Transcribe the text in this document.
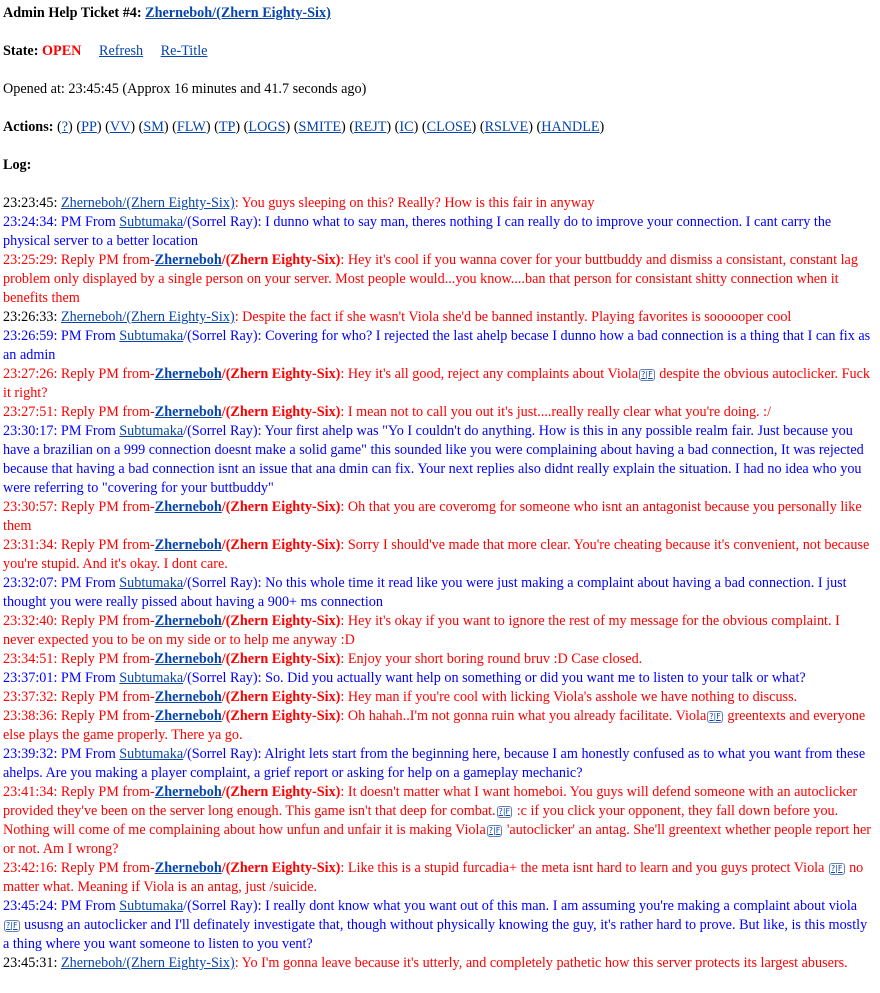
Admin Help Ticket #4: Zherneboh/(Zhern Eighty-Six)
State: OPEN Refresh Re-Title
Opened at: 23:45:45 (Approx 16 minutes and 41.7 seconds ago)
Actions: (?) (PP) (VV) (SM) (FLW) (TP) (LOGS) (SMITE) (REJT) (IC) (CLOSE) (RSLVE) (HANDLE)
Log:
23:23:45: Zherneboh/(Zhern Eighty-Six): You guys sleeping on this? Really? How is this fair in anyway
23:24:34: PM From Subtumaka/(Sorrel Ray): I dunno what to say man, theres nothing I can really do to improve your connection. I cant carry the physical server to a better location
23:25:29: Reply PM from-Zherneboh/(Zhern Eighty-Six): Hey it's cool if you wanna cover for your buttbuddy and dismiss a consistant, constant lag problem only displayed by a single person on your server. Most people would...you know....ban that person for consistant shitty connection when it benefits them
23:26:33: Zherneboh/(Zhern Eighty-Six): Despite the fact if she wasn't Viola she'd be banned instantly. Playing favorites is soooooper cool
23:26:59: PM From Subtumaka/(Sorrel Ray): Covering for who? I rejected the last ahelp becase I dunno how a bad connection is a thing that I can fix as an admin
23:27:26: Reply PM from-Zherneboh/(Zhern Eighty-Six): Hey it's all good, reject any complaints about Viola ?|F despite the obvious autoclicker. Fuck it right?
23:27:51: Reply PM from-Zherneboh/(Zhern Eighty-Six): I mean not to call you out it's just....really really clear what you're doing. :/
23:30:17: PM From Subtumaka/(Sorrel Ray): Your first ahelp was "Yo I couldn't do anything. How is this in any possible realm fair. Just because you have a brazilian on a 999 connection doesnt make a solid game" this sounded like you were complaining about having a bad connection, It was rejected because that having a bad connection isnt an issue that ana dmin can fix. Your next replies also didnt really explain the situation. I had no idea who you were referring to "covering for your buttbuddy"
23:30:57: Reply PM from-Zherneboh/(Zhern Eighty-Six): Oh that you are coveromg for someone who isnt an antagonist because you personally like them
23:31:34: Reply PM from-Zherneboh/(Zhern Eighty-Six): Sorry I should've made that more clear. You're cheating because it's convenient, not because you're stupid. And it's okay. I dont care.
23:32:07: PM From Subtumaka/(Sorrel Ray): No this whole time it read like you were just making a complaint about having a bad connection. I just thought you were really pissed about having a 900+ ms connection
23:32:40: Reply PM from-Zherneboh/(Zhern Eighty-Six): Hey it's okay if you want to ignore the rest of my message for the obvious complaint. I never expected you to be on my side or to help me anyway :D
23:34:51: Reply PM from-Zherneboh/(Zhern Eighty-Six): Enjoy your short boring round bruv :D Case closed.
23:37:01: PM From Subtumaka/(Sorrel Ray): So. Did you actually want help on something or did you want me to listen to your talk or what?
23:37:32: Reply PM from-Zherneboh/(Zhern Eighty-Six): Hey man if you're cool with licking Viola's asshole we have nothing to discuss.
23:38:36: Reply PM from-Zherneboh/(Zhern Eighty-Six): Oh hahah..I'm not gonna ruin what you already facilitate. Viola ?|F greentexts and everyone else plays the game properly. There ya go.
23:39:32: PM From Subtumaka/(Sorrel Ray): Alright lets start from the beginning here, because I am honestly confused as to what you want from these ahelps. Are you making a player complaint, a grief report or asking for help on a gameplay mechanic?
23:41:34: Reply PM from-Zherneboh/(Zhern Eighty-Six): It doesn't matter what I want homeboi. You guys will defend someone with an autoclicker provided they've been on the server long enough. This game isn't that deep for combat. ?|F :c if you click your opponent, they fall down before you. Nothing will come of me complaining about how unfun and unfair it is making Viola ?|F 'autoclicker' an antag. She'll greentext whether people report her or not. Am I wrong?
23:42:16: Reply PM from-Zherneboh/(Zhern Eighty-Six): Like this is a stupid furcadia+ the meta isnt hard to learn and you guys protect Viola ?|F no matter what. Meaning if Viola is an antag, just /suicide.
23:45:24: PM From Subtumaka/(Sorrel Ray): I really dont know what you want out of this man. I am assuming you're making a complaint about viola?|F ususng an autoclicker and I'll definately investigate that, though without physically knowing the guy, it's rather hard to prove. But like, is this mostly a thing where you want someone to listen to you vent?
23:45:31: Zherneboh/(Zhern Eighty-Six): Yo I'm gonna leave because it's utterly, and completely pathetic how this server protects its largest abusers.
